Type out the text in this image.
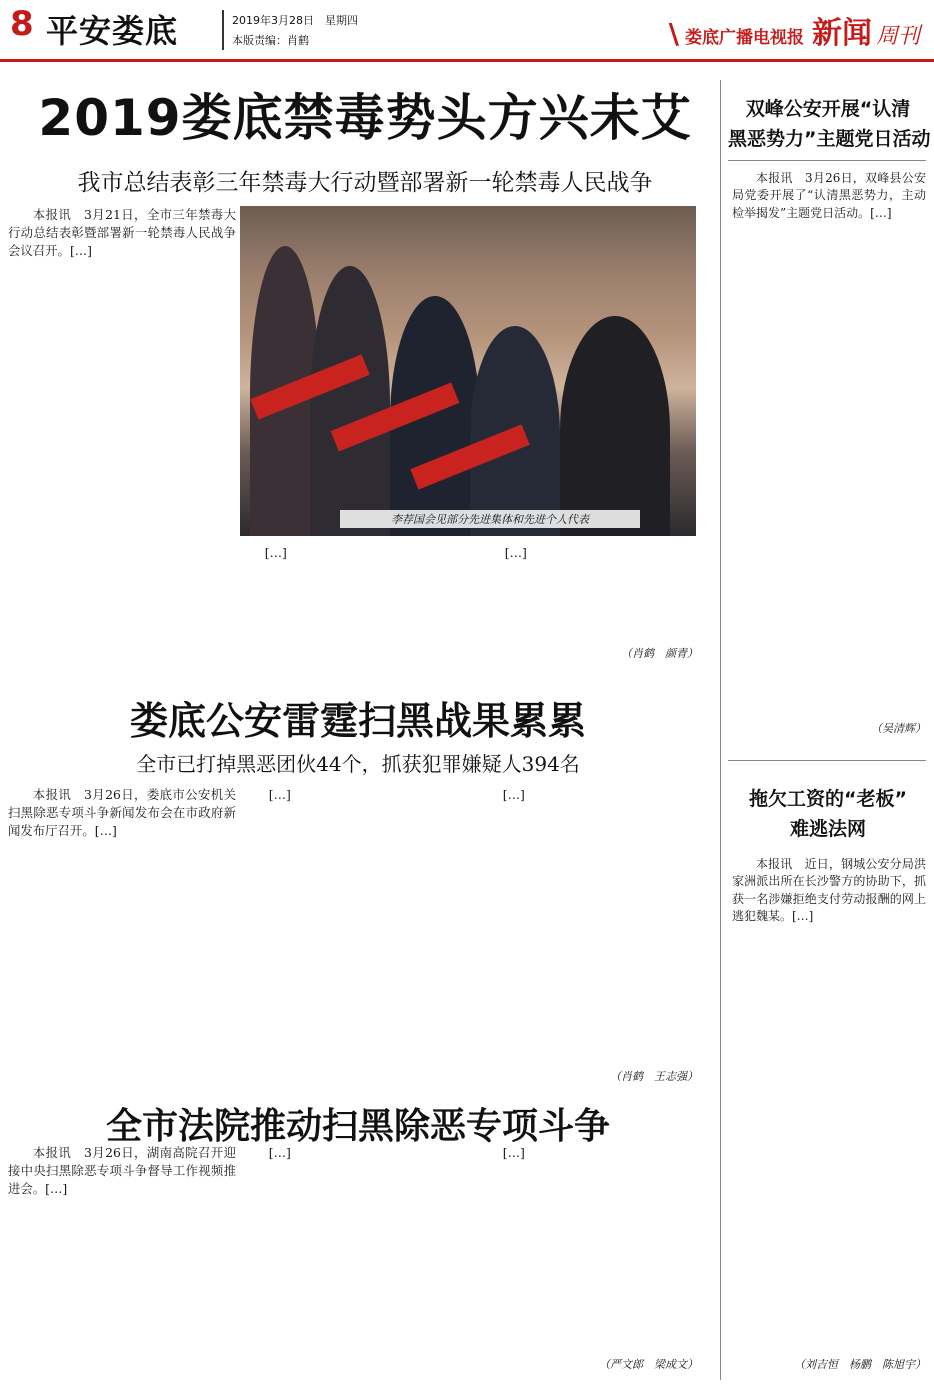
8 平安娄底	2019年3月28日　星期四
本版责编：肖鹤	\ 娄底广播电视报 新闻 周刊
2019娄底禁毒势头方兴未艾
我市总结表彰三年禁毒大行动暨部署新一轮禁毒人民战争

本报讯　3月21日，全市三年禁毒大行动总结表彰暨部署新一轮禁毒人民战争会议召开。[…]

李荐国会见部分先进集体和先进个人代表

[…]	[…]

（肖鹤　颜青）
娄底公安雷霆扫黑战果累累
全市已打掉黑恶团伙44个，抓获犯罪嫌疑人394名

本报讯　3月26日，娄底市公安机关扫黑除恶专项斗争新闻发布会在市政府新闻发布厅召开。[…]

[…]	[…]

（肖鹤　王志强）
全市法院推动扫黑除恶专项斗争

本报讯　3月26日，湖南高院召开迎接中央扫黑除恶专项斗争督导工作视频推进会。[…]

[…]	[…]

（严文郎　梁成文）
双峰公安开展“认清
黑恶势力”主题党日活动

本报讯　3月26日，双峰县公安局党委开展了“认清黑恶势力，主动检举揭发”主题党日活动。[…]

（吴清辉）
拖欠工资的“老板”
难逃法网

本报讯　近日，钢城公安分局洪家洲派出所在长沙警方的协助下，抓获一名涉嫌拒绝支付劳动报酬的网上逃犯魏某。[…]

（刘吉恒　杨鹏　陈旭宇）
